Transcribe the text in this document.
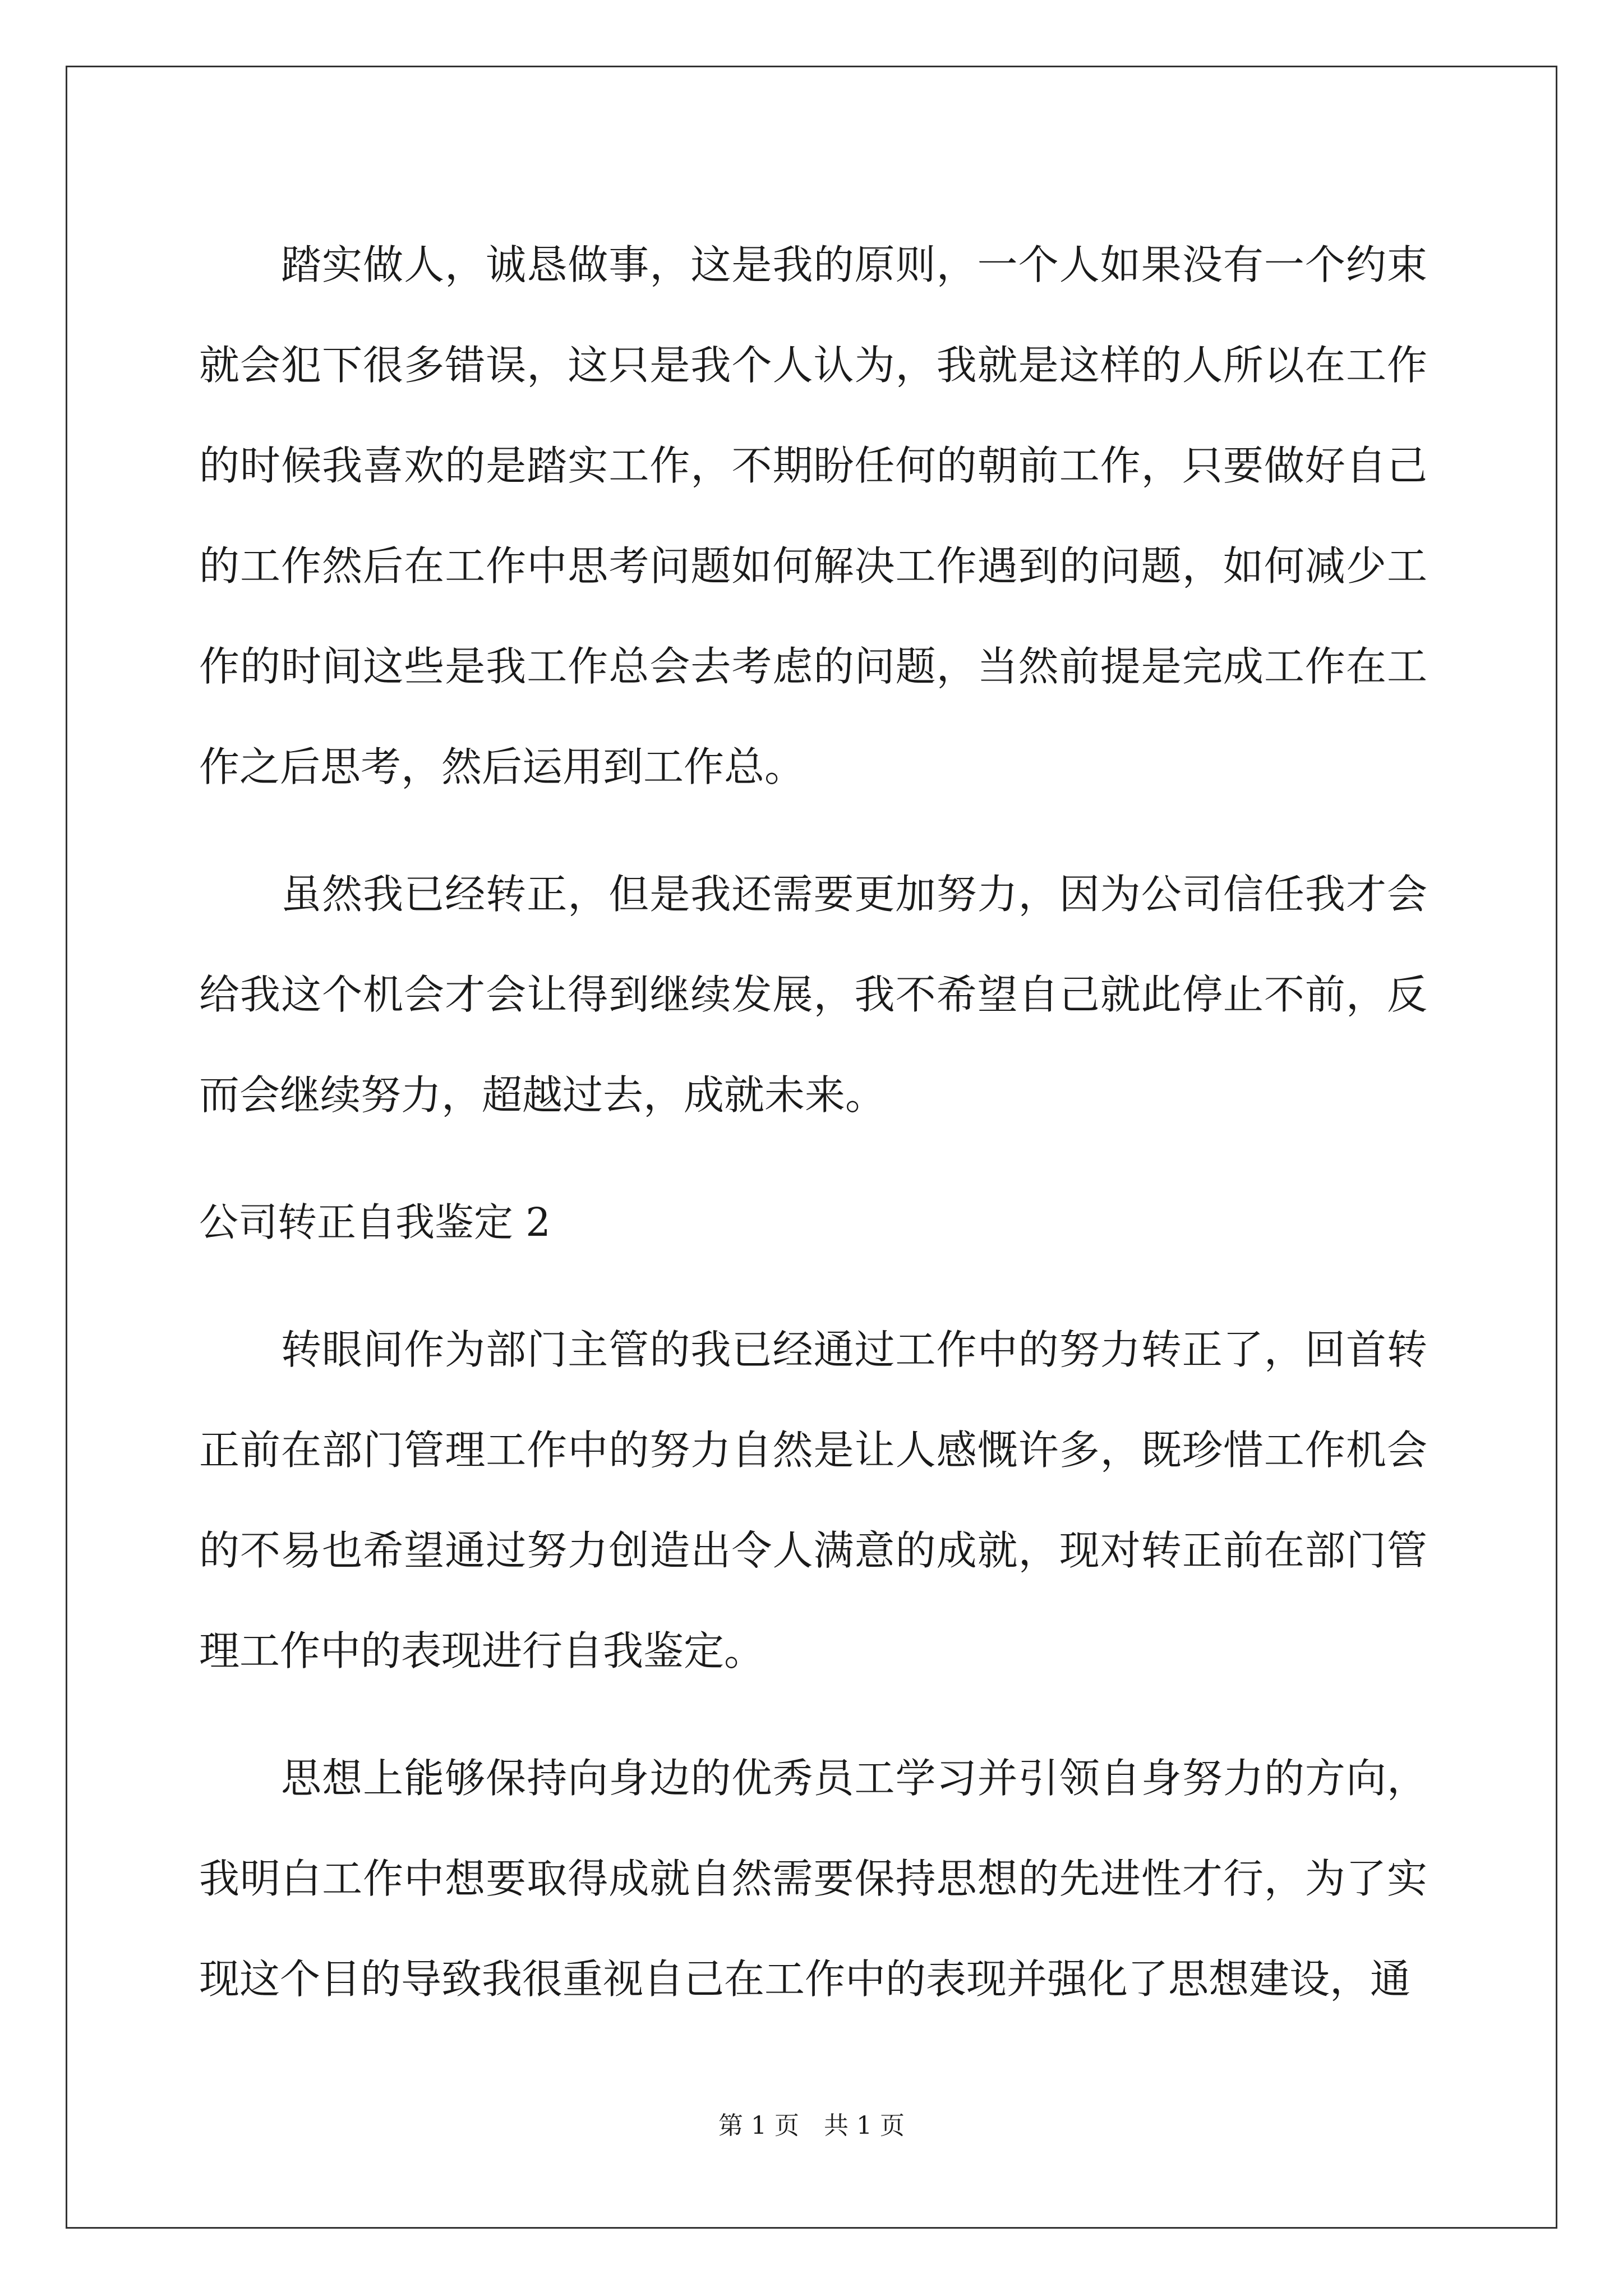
踏实做人，诚恳做事，这是我的原则，一个人如果没有一个约束就会犯下很多错误，这只是我个人认为，我就是这样的人所以在工作的时候我喜欢的是踏实工作，不期盼任何的朝前工作，只要做好自己的工作然后在工作中思考问题如何解决工作遇到的问题，如何减少工作的时间这些是我工作总会去考虑的问题，当然前提是完成工作在工作之后思考，然后运用到工作总。

虽然我已经转正，但是我还需要更加努力，因为公司信任我才会给我这个机会才会让得到继续发展，我不希望自己就此停止不前，反而会继续努力，超越过去，成就未来。

公司转正自我鉴定 2

转眼间作为部门主管的我已经通过工作中的努力转正了，回首转正前在部门管理工作中的努力自然是让人感慨许多，既珍惜工作机会的不易也希望通过努力创造出令人满意的成就，现对转正前在部门管理工作中的表现进行自我鉴定。

思想上能够保持向身边的优秀员工学习并引领自身努力的方向，我明白工作中想要取得成就自然需要保持思想的先进性才行，为了实现这个目的导致我很重视自己在工作中的表现并强化了思想建设，通

第 1 页　共 1 页
